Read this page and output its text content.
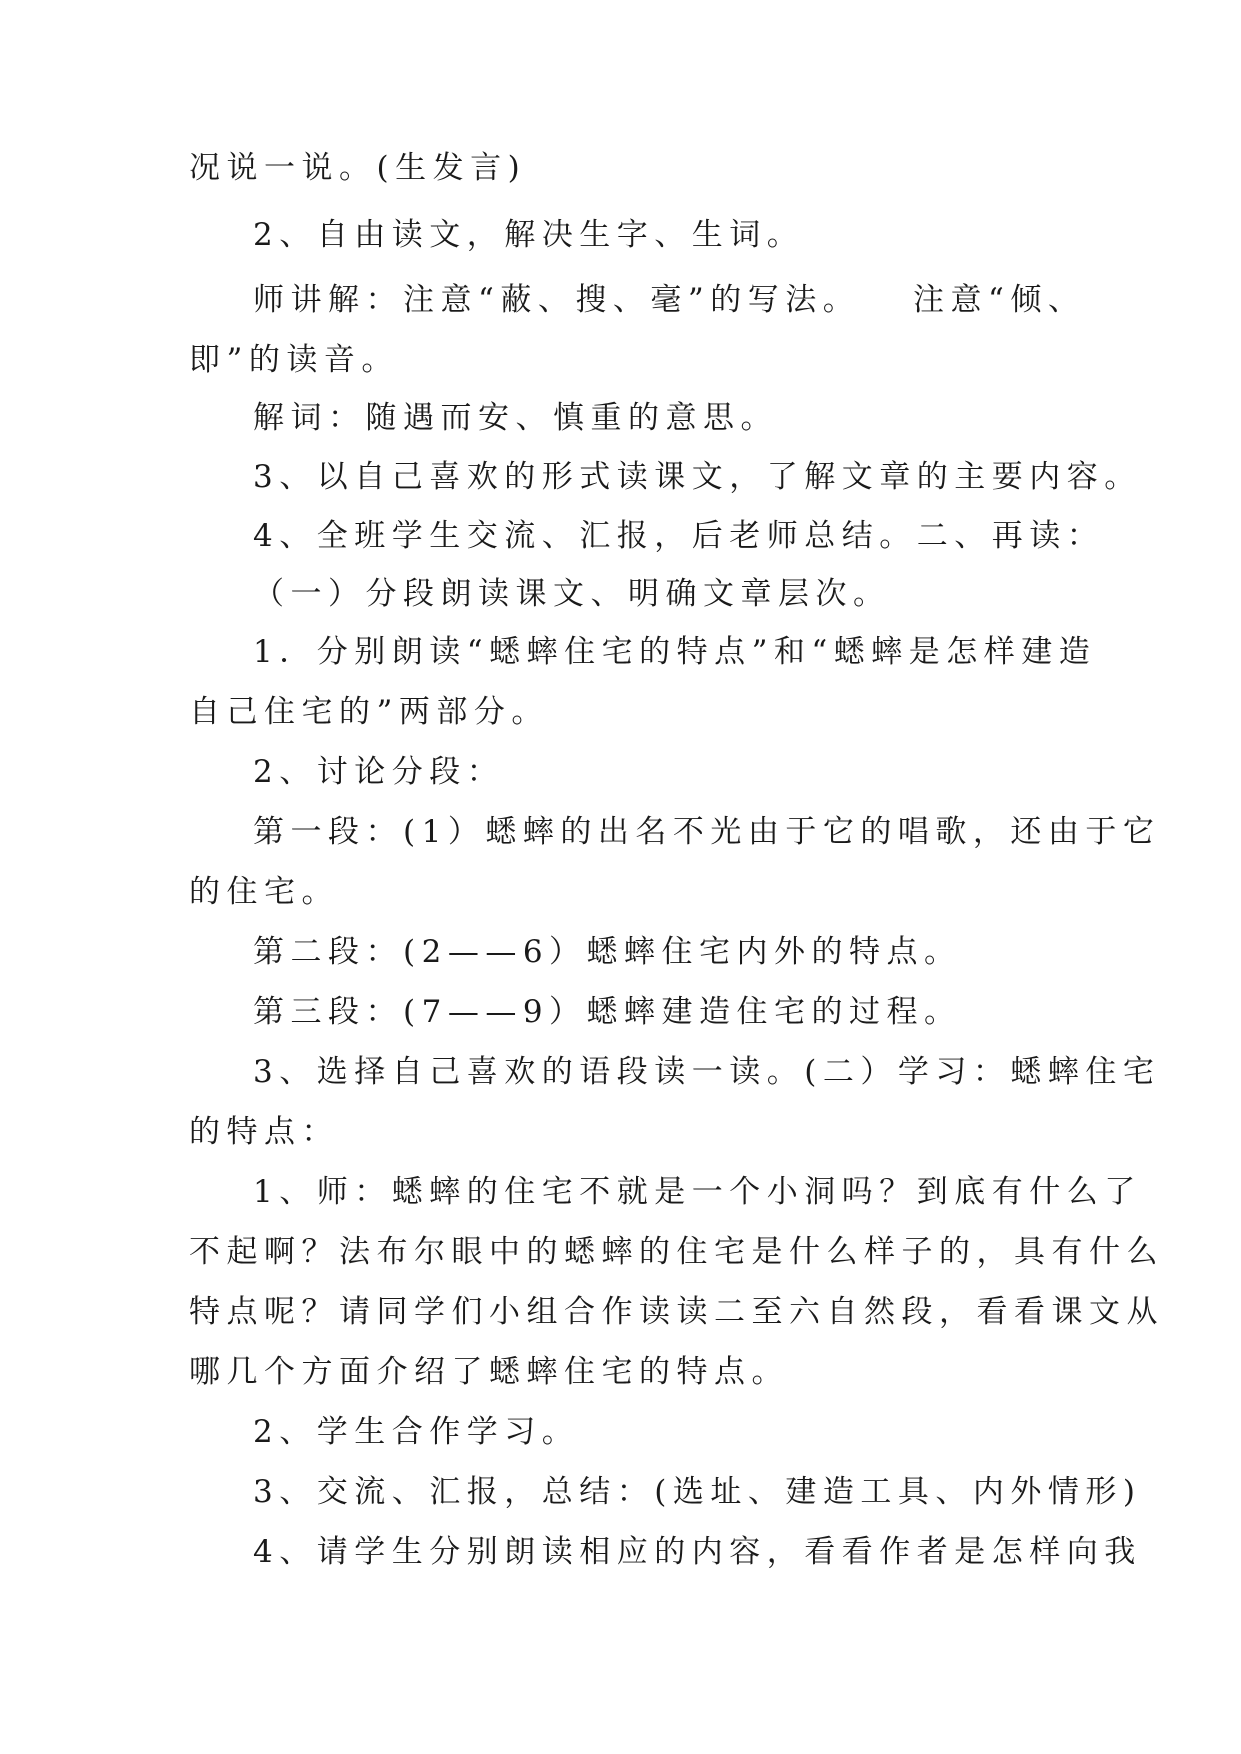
况说一说。(生发言)
2、自由读文，解决生字、生词。
师讲解：注意“蔽、搜、毫”的写法。 注意“倾、
即”的读音。
解词：随遇而安、慎重的意思。
3、以自己喜欢的形式读课文，了解文章的主要内容。
4、全班学生交流、汇报，后老师总结。二、再读：
（一）分段朗读课文、明确文章层次。
1．分别朗读“蟋蟀住宅的特点”和“蟋蟀是怎样建造
自己住宅的”两部分。
2、讨论分段：
第一段：(1）蟋蟀的出名不光由于它的唱歌，还由于它
的住宅。
第二段：(2——6）蟋蟀住宅内外的特点。
第三段：(7——9）蟋蟀建造住宅的过程。
3、选择自己喜欢的语段读一读。(二）学习：蟋蟀住宅
的特点：
1、师：蟋蟀的住宅不就是一个小洞吗？到底有什么了
不起啊？法布尔眼中的蟋蟀的住宅是什么样子的，具有什么
特点呢？请同学们小组合作读读二至六自然段，看看课文从
哪几个方面介绍了蟋蟀住宅的特点。
2、学生合作学习。
3、交流、汇报，总结：(选址、建造工具、内外情形)
4、请学生分别朗读相应的内容，看看作者是怎样向我
